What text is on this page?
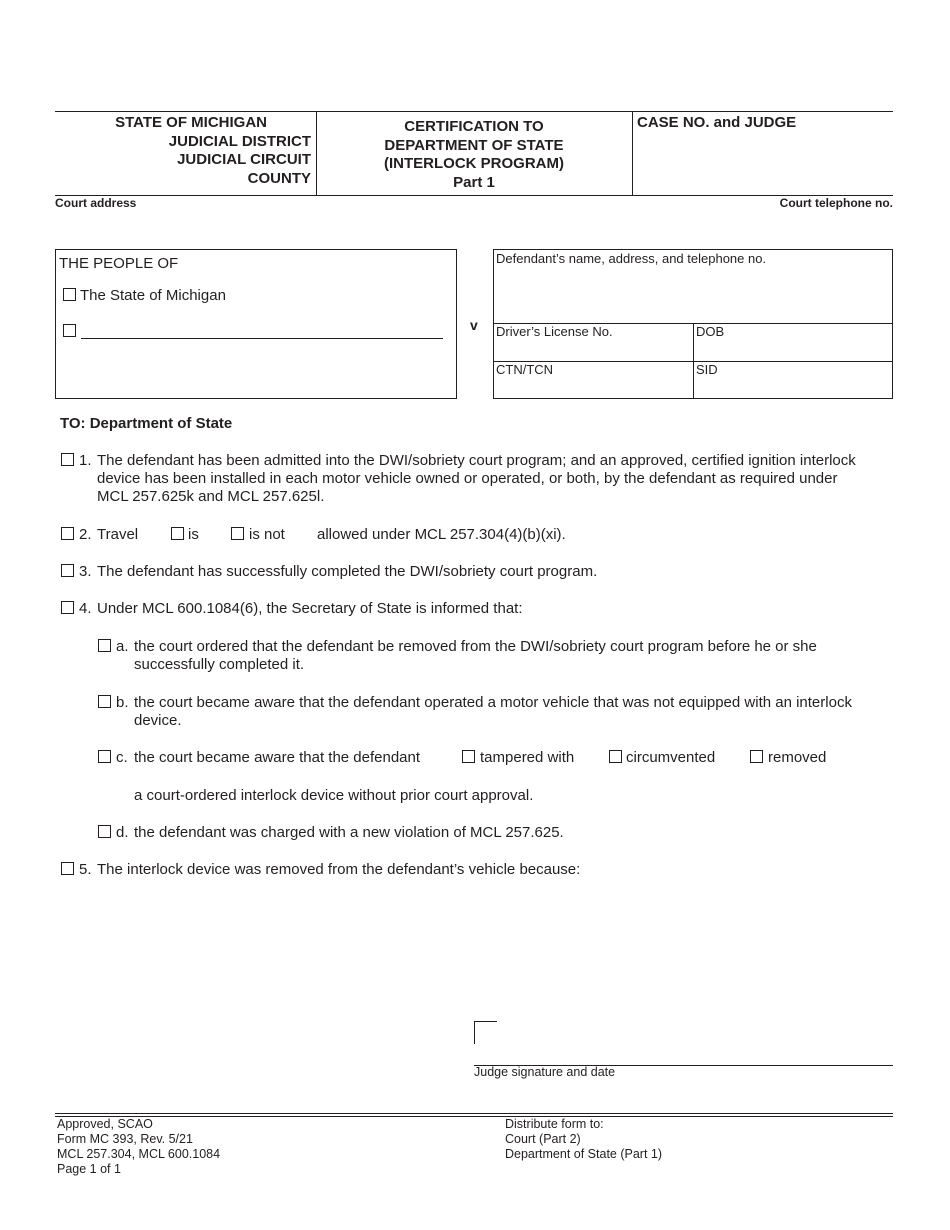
STATE OF MICHIGAN
JUDICIAL DISTRICT
JUDICIAL CIRCUIT
COUNTY
CERTIFICATION TO
DEPARTMENT OF STATE
(INTERLOCK PROGRAM)
Part 1
CASE NO. and JUDGE
Court address	Court telephone no.
THE PEOPLE OF
The State of Michigan
v
Defendant’s name, address, and telephone no.
Driver’s License No.	DOB
CTN/TCN	SID
TO: Department of State
1. The defendant has been admitted into the DWI/sobriety court program; and an approved, certified ignition interlock
device has been installed in each motor vehicle owned or operated, or both, by the defendant as required under
MCL 257.625k and MCL 257.625l.
2. Travel	is	is not allowed under MCL 257.304(4)(b)(xi).
3. The defendant has successfully completed the DWI/sobriety court program.
4. Under MCL 600.1084(6), the Secretary of State is informed that:
a. the court ordered that the defendant be removed from the DWI/sobriety court program before he or she
successfully completed it.
b. the court became aware that the defendant operated a motor vehicle that was not equipped with an interlock
device.
c. the court became aware that the defendant	tampered with	circumvented	removed
a court-ordered interlock device without prior court approval.
d. the defendant was charged with a new violation of MCL 257.625.
5. The interlock device was removed from the defendant’s vehicle because:
Judge signature and date
Approved, SCAO
Form MC 393, Rev. 5/21
MCL 257.304, MCL 600.1084
Page 1 of 1
Distribute form to:
Court (Part 2)
Department of State (Part 1)
